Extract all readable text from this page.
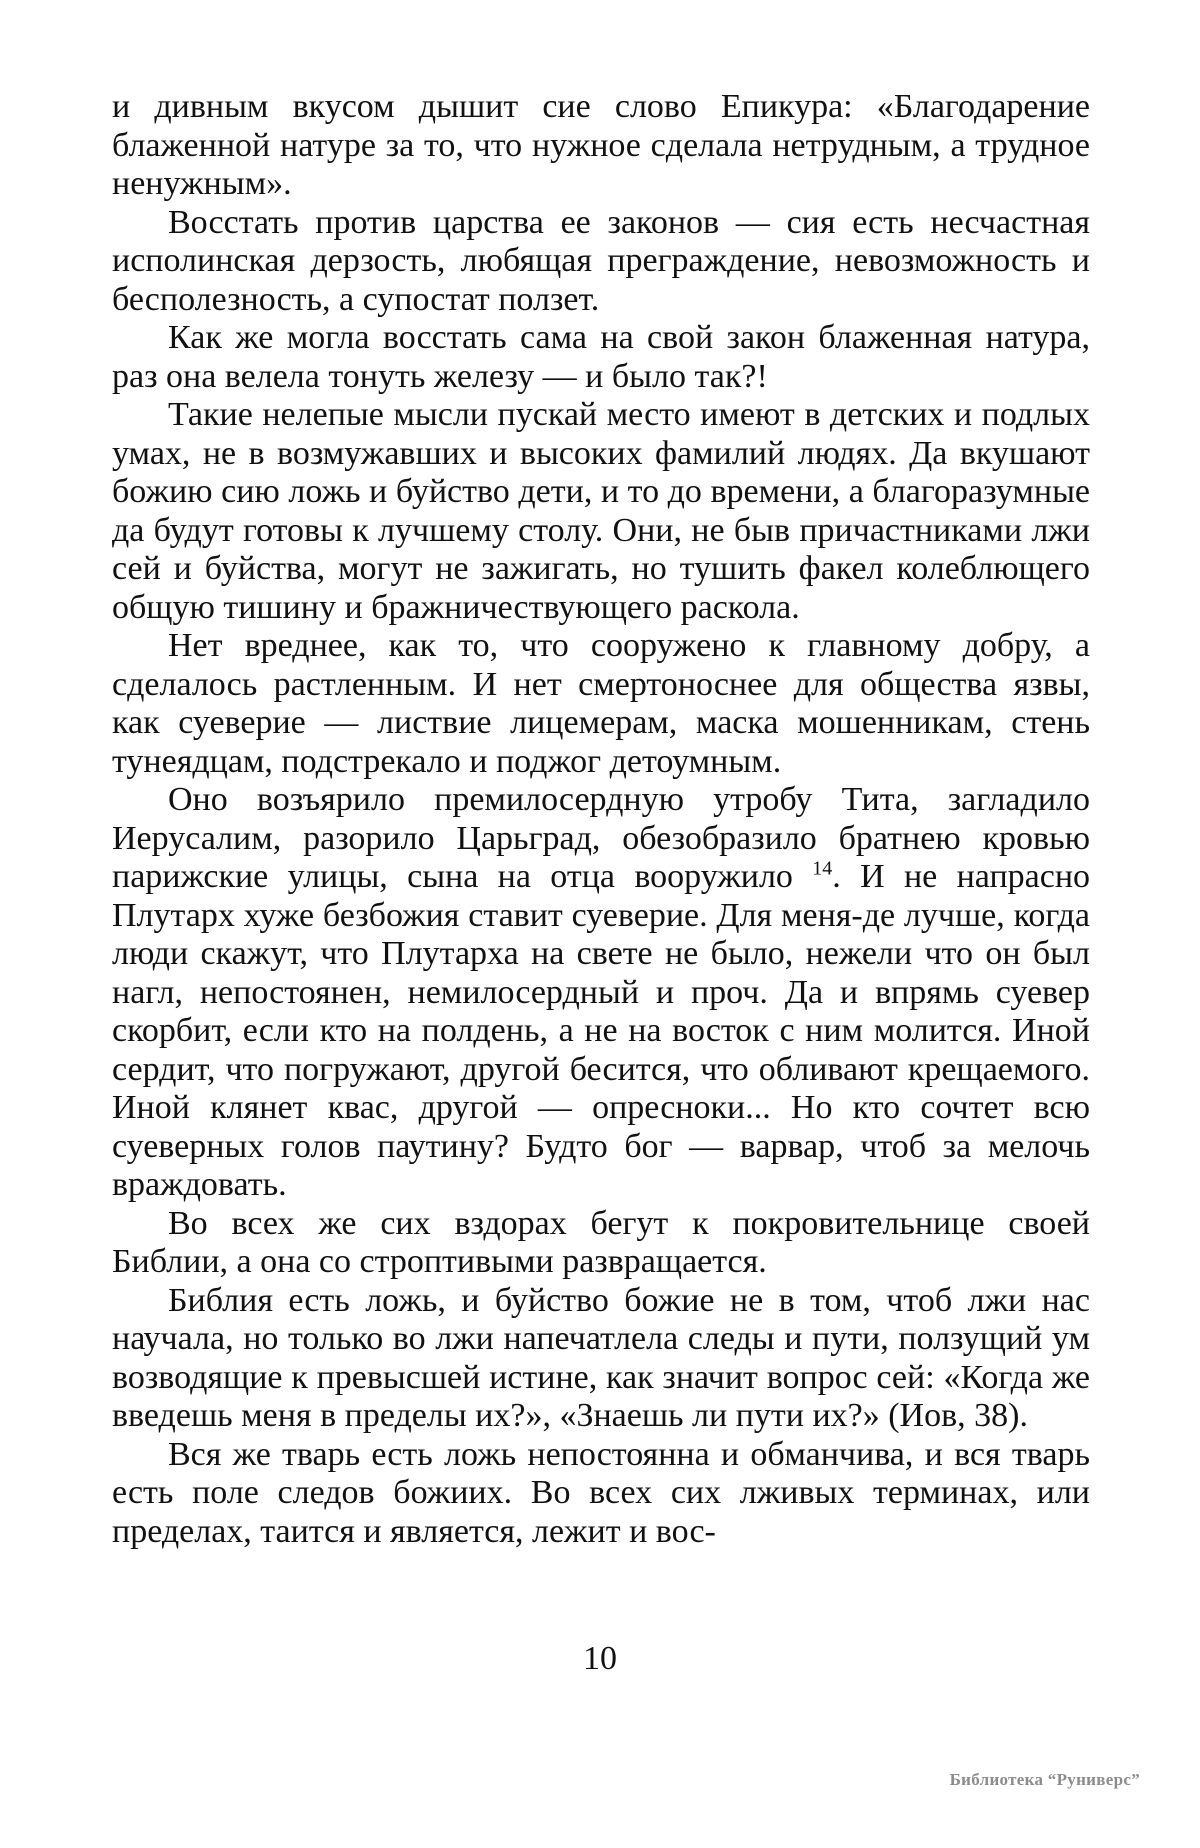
и дивным вкусом дышит сие слово Епикура: «Благодарение блаженной натуре за то, что нужное сделала нетрудным, а трудное ненужным».

Восстать против царства ее законов — сия есть несчастная исполинская дерзость, любящая преграждение, невозможность и бесполезность, а супостат ползет.

Как же могла восстать сама на свой закон блаженная натура, раз она велела тонуть железу — и было так?!

Такие нелепые мысли пускай место имеют в детских и подлых умах, не в возмужавших и высоких фамилий людях. Да вкушают божию сию ложь и буйство дети, и то до времени, а благоразумные да будут готовы к лучшему столу. Они, не быв причастниками лжи сей и буйства, могут не зажигать, но тушить факел колеблющего общую тишину и бражничествующего раскола.

Нет вреднее, как то, что сооружено к главному добру, а сделалось растленным. И нет смертоноснее для общества язвы, как суеверие — листвие лицемерам, маска мошенникам, стень тунеядцам, подстрекало и поджог детоумным.

Оно возъярило премилосердную утробу Тита, загладило Иерусалим, разорило Царьград, обезобразило братнею кровью парижские улицы, сына на отца вооружило $^{14}$. И не напрасно Плутарх хуже безбожия ставит суеверие. Для меня-де лучше, когда люди скажут, что Плутарха на свете не было, нежели что он был нагл, непостоянен, немилосердный и проч. Да и впрямь суевер скорбит, если кто на полдень, а не на восток с ним молится. Иной сердит, что погружают, другой бесится, что обливают крещаемого. Иной клянет квас, другой — опресноки... Но кто сочтет всю суеверных голов паутину? Будто бог — варвар, чтоб за мелочь враждовать.

Во всех же сих вздорах бегут к покровительнице своей Библии, а она со строптивыми развращается.

Библия есть ложь, и буйство божие не в том, чтоб лжи нас научала, но только во лжи напечатлела следы и пути, ползущий ум возводящие к превысшей истине, как значит вопрос сей: «Когда же введешь меня в пределы их?», «Знаешь ли пути их?» (Иов, 38).

Вся же тварь есть ложь непостоянна и обманчива, и вся тварь есть поле следов божиих. Во всех сих лживых терминах, или пределах, таится и является, лежит и вос-

10
Библиотека “Руниверс”
